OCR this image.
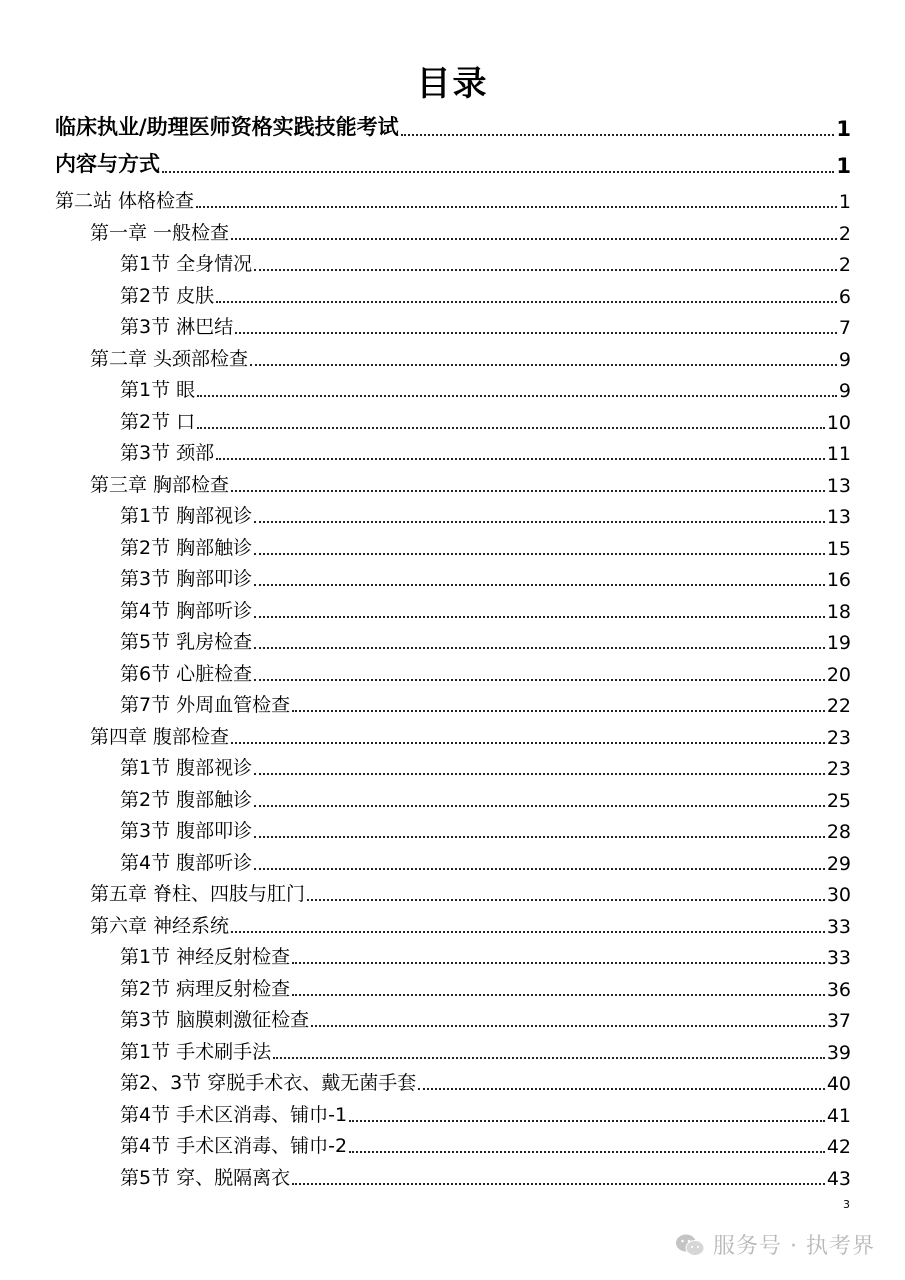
目录
临床执业/助理医师资格实践技能考试	1
内容与方式	1
第二站 体格检查	1
第一章 一般检查	2
第1节 全身情况	2
第2节 皮肤	6
第3节 淋巴结	7
第二章 头颈部检查	9
第1节 眼	9
第2节 口	10
第3节 颈部	11
第三章 胸部检查	13
第1节 胸部视诊	13
第2节 胸部触诊	15
第3节 胸部叩诊	16
第4节 胸部听诊	18
第5节 乳房检查	19
第6节 心脏检查	20
第7节 外周血管检查	22
第四章 腹部检查	23
第1节 腹部视诊	23
第2节 腹部触诊	25
第3节 腹部叩诊	28
第4节 腹部听诊	29
第五章 脊柱、四肢与肛门	30
第六章 神经系统	33
第1节 神经反射检查	33
第2节 病理反射检查	36
第3节 脑膜刺激征检查	37
第1节 手术刷手法	39
第2、3节 穿脱手术衣、戴无菌手套	40
第4节 手术区消毒、铺巾-1	41
第4节 手术区消毒、铺巾-2	42
第5节 穿、脱隔离衣	43
3
服务号 · 执考界
